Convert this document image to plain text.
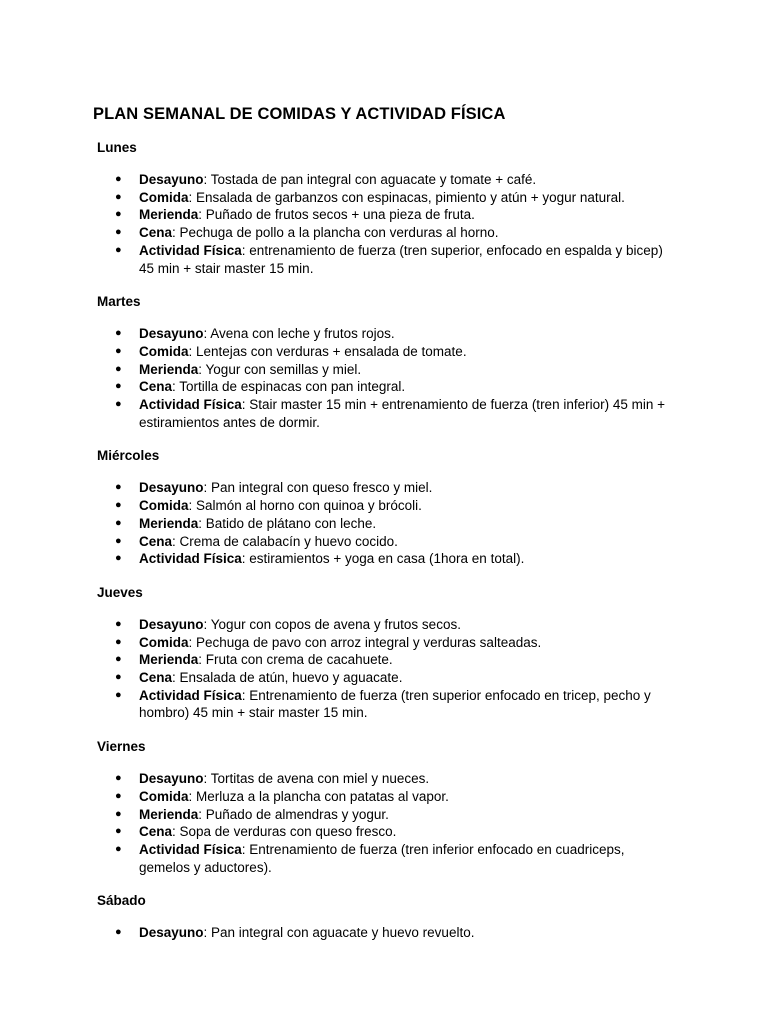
PLAN SEMANAL DE COMIDAS Y ACTIVIDAD FÍSICA
Lunes
● Desayuno: Tostada de pan integral con aguacate y tomate + café.
● Comida: Ensalada de garbanzos con espinacas, pimiento y atún + yogur natural.
● Merienda: Puñado de frutos secos + una pieza de fruta.
● Cena: Pechuga de pollo a la plancha con verduras al horno.
● Actividad Física: entrenamiento de fuerza (tren superior, enfocado en espalda y bicep) 45 min + stair master 15 min.
Martes
● Desayuno: Avena con leche y frutos rojos.
● Comida: Lentejas con verduras + ensalada de tomate.
● Merienda: Yogur con semillas y miel.
● Cena: Tortilla de espinacas con pan integral.
● Actividad Física: Stair master 15 min + entrenamiento de fuerza (tren inferior) 45 min + estiramientos antes de dormir.
Miércoles
● Desayuno: Pan integral con queso fresco y miel.
● Comida: Salmón al horno con quinoa y brócoli.
● Merienda: Batido de plátano con leche.
● Cena: Crema de calabacín y huevo cocido.
● Actividad Física: estiramientos + yoga en casa (1hora en total).
Jueves
● Desayuno: Yogur con copos de avena y frutos secos.
● Comida: Pechuga de pavo con arroz integral y verduras salteadas.
● Merienda: Fruta con crema de cacahuete.
● Cena: Ensalada de atún, huevo y aguacate.
● Actividad Física: Entrenamiento de fuerza (tren superior enfocado en tricep, pecho y hombro) 45 min + stair master 15 min.
Viernes
● Desayuno: Tortitas de avena con miel y nueces.
● Comida: Merluza a la plancha con patatas al vapor.
● Merienda: Puñado de almendras y yogur.
● Cena: Sopa de verduras con queso fresco.
● Actividad Física: Entrenamiento de fuerza (tren inferior enfocado en cuadriceps, gemelos y aductores).
Sábado
● Desayuno: Pan integral con aguacate y huevo revuelto.
